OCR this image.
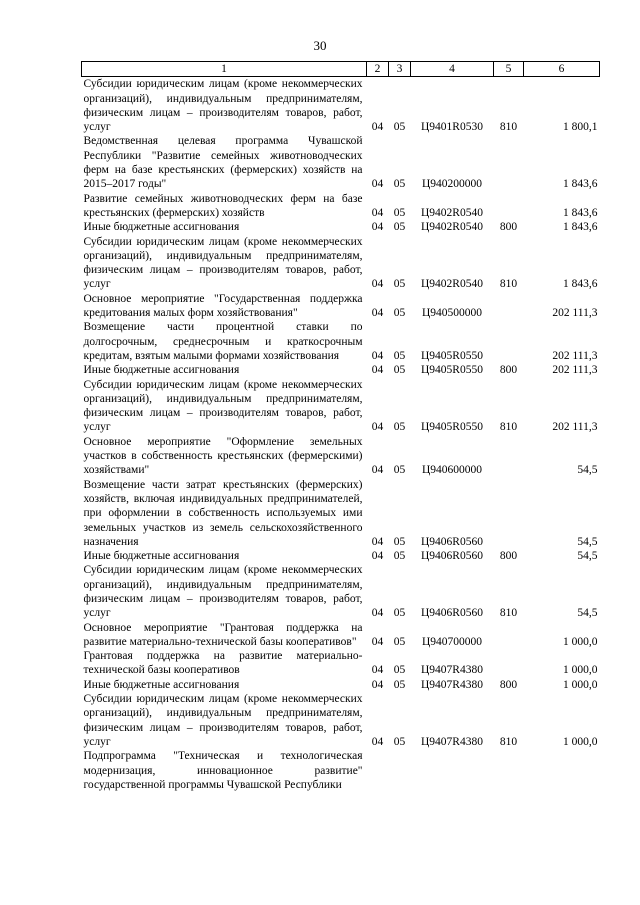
30
1	2	3	4	5	6
Субсидии юридическим лицам (кроме некоммерческих организаций), индивидуальным предпринимателям, физическим лицам – производителям товаров, работ, услуг	04	05	Ц9401R0530	810	1 800,1
Ведомственная целевая программа Чувашской Республики "Развитие семейных животноводческих ферм на базе крестьянских (фермерских) хозяйств на 2015–2017 годы"	04	05	Ц940200000		1 843,6
Развитие семейных животноводческих ферм на базе крестьянских (фермерских) хозяйств	04	05	Ц9402R0540		1 843,6
Иные бюджетные ассигнования	04	05	Ц9402R0540	800	1 843,6
Субсидии юридическим лицам (кроме некоммерческих организаций), индивидуальным предпринимателям, физическим лицам – производителям товаров, работ, услуг	04	05	Ц9402R0540	810	1 843,6
Основное мероприятие "Государственная поддержка кредитования малых форм хозяйствования"	04	05	Ц940500000		202 111,3
Возмещение части процентной ставки по долгосрочным, среднесрочным и краткосрочным кредитам, взятым малыми формами хозяйствования	04	05	Ц9405R0550		202 111,3
Иные бюджетные ассигнования	04	05	Ц9405R0550	800	202 111,3
Субсидии юридическим лицам (кроме некоммерческих организаций), индивидуальным предпринимателям, физическим лицам – производителям товаров, работ, услуг	04	05	Ц9405R0550	810	202 111,3
Основное мероприятие "Оформление земельных участков в собственность крестьянских (фермерскими) хозяйствами"	04	05	Ц940600000		54,5
Возмещение части затрат крестьянских (фермерских) хозяйств, включая индивидуальных предпринимателей, при оформлении в собственность используемых ими земельных участков из земель сельскохозяйственного назначения	04	05	Ц9406R0560		54,5
Иные бюджетные ассигнования	04	05	Ц9406R0560	800	54,5
Субсидии юридическим лицам (кроме некоммерческих организаций), индивидуальным предпринимателям, физическим лицам – производителям товаров, работ, услуг	04	05	Ц9406R0560	810	54,5
Основное мероприятие "Грантовая поддержка на развитие материально-технической базы кооперативов"	04	05	Ц940700000		1 000,0
Грантовая поддержка на развитие материально-технической базы кооперативов	04	05	Ц9407R4380		1 000,0
Иные бюджетные ассигнования	04	05	Ц9407R4380	800	1 000,0
Субсидии юридическим лицам (кроме некоммерческих организаций), индивидуальным предпринимателям, физическим лицам – производителям товаров, работ, услуг	04	05	Ц9407R4380	810	1 000,0
Подпрограмма "Техническая и технологическая модернизация, инновационное развитие" государственной программы Чувашской Республики					
